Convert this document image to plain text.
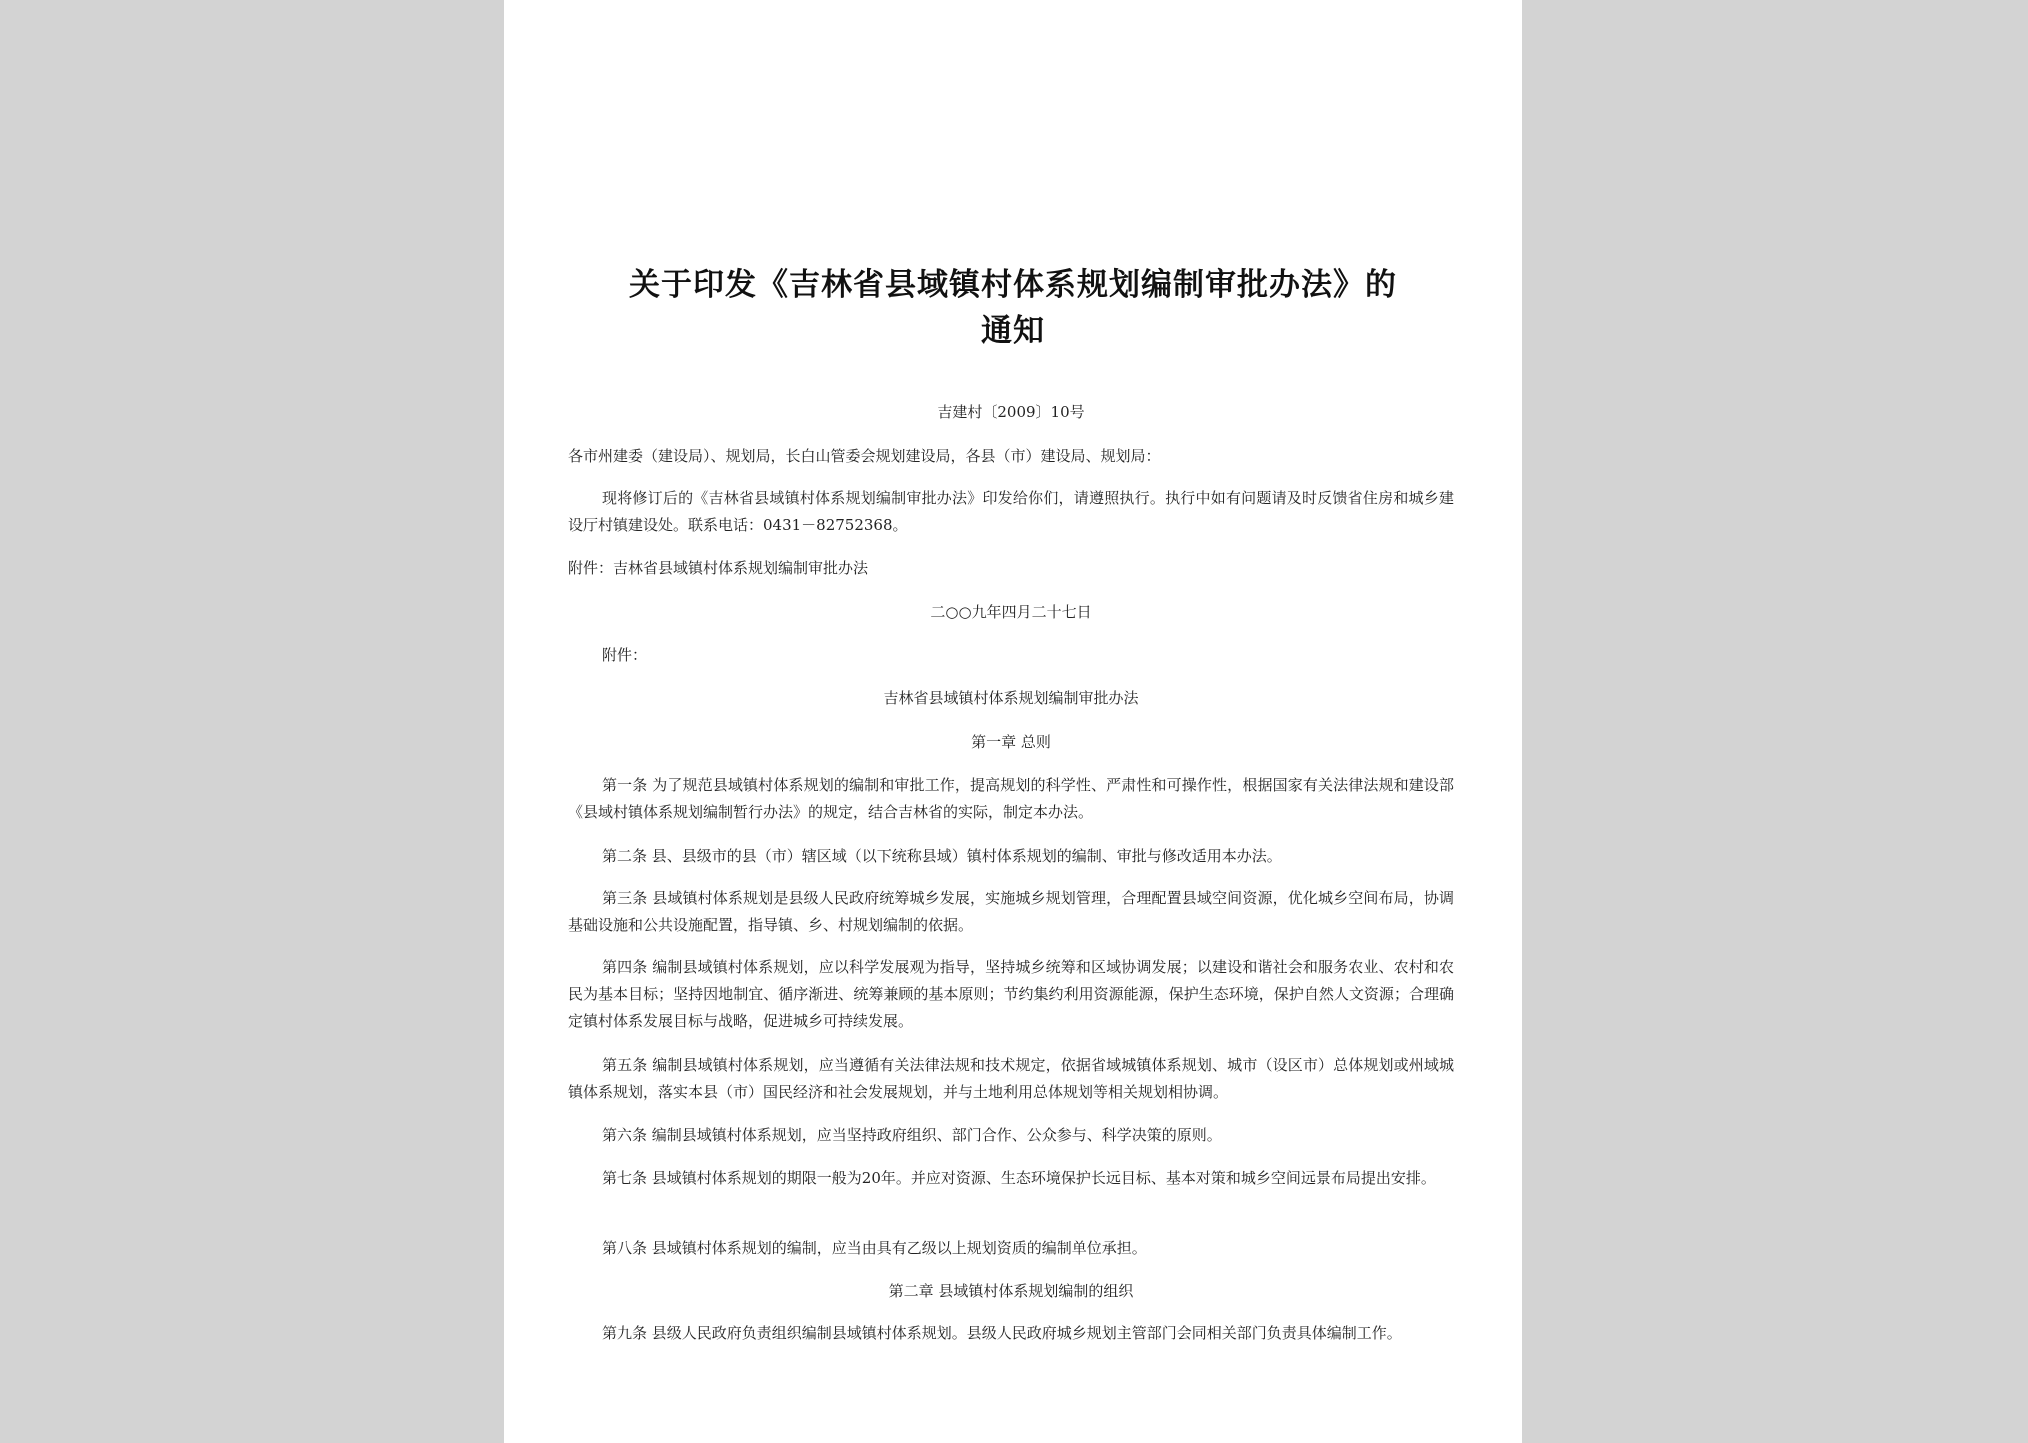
关于印发《吉林省县域镇村体系规划编制审批办法》的
通知
吉建村〔2009〕10号
各市州建委（建设局）、规划局，长白山管委会规划建设局，各县（市）建设局、规划局：
现将修订后的《吉林省县域镇村体系规划编制审批办法》印发给你们，请遵照执行。执行中如有问题请及时反馈省住房和城乡建设厅村镇建设处。联系电话：0431－82752368。
附件：吉林省县域镇村体系规划编制审批办法
二○○九年四月二十七日
附件：
吉林省县域镇村体系规划编制审批办法
第一章 总则
第一条 为了规范县域镇村体系规划的编制和审批工作，提高规划的科学性、严肃性和可操作性，根据国家有关法律法规和建设部《县域村镇体系规划编制暂行办法》的规定，结合吉林省的实际，制定本办法。
第二条 县、县级市的县（市）辖区域（以下统称县域）镇村体系规划的编制、审批与修改适用本办法。
第三条 县域镇村体系规划是县级人民政府统筹城乡发展，实施城乡规划管理，合理配置县域空间资源，优化城乡空间布局，协调基础设施和公共设施配置，指导镇、乡、村规划编制的依据。
第四条 编制县域镇村体系规划，应以科学发展观为指导，坚持城乡统筹和区域协调发展；以建设和谐社会和服务农业、农村和农民为基本目标；坚持因地制宜、循序渐进、统筹兼顾的基本原则；节约集约利用资源能源，保护生态环境，保护自然人文资源；合理确定镇村体系发展目标与战略，促进城乡可持续发展。
第五条 编制县域镇村体系规划，应当遵循有关法律法规和技术规定，依据省域城镇体系规划、城市（设区市）总体规划或州域城镇体系规划，落实本县（市）国民经济和社会发展规划，并与土地利用总体规划等相关规划相协调。
第六条 编制县域镇村体系规划，应当坚持政府组织、部门合作、公众参与、科学决策的原则。
第七条 县域镇村体系规划的期限一般为20年。并应对资源、生态环境保护长远目标、基本对策和城乡空间远景布局提出安排。
第八条 县域镇村体系规划的编制，应当由具有乙级以上规划资质的编制单位承担。
第二章 县域镇村体系规划编制的组织
第九条 县级人民政府负责组织编制县域镇村体系规划。县级人民政府城乡规划主管部门会同相关部门负责具体编制工作。
